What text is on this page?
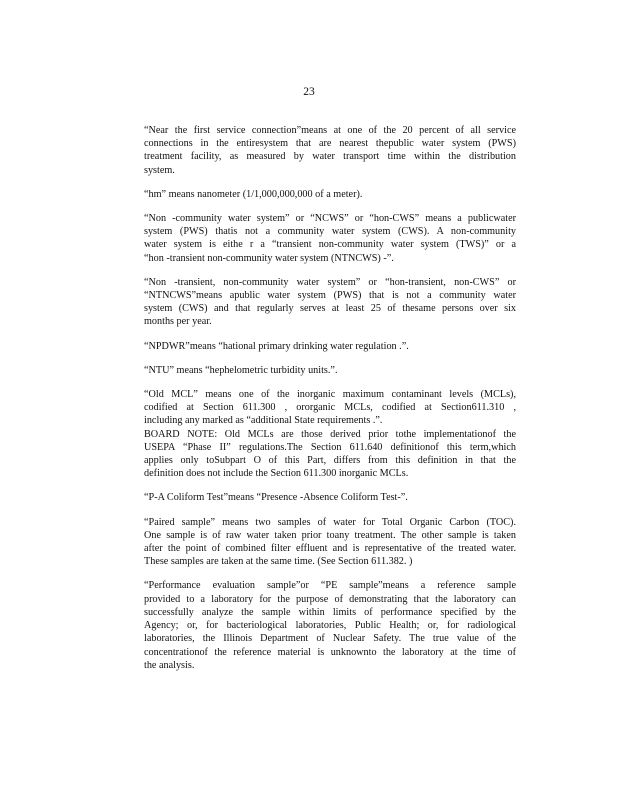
23

“Near the first service connection”means at one of the 20 percent of all service
connections in the entiresystem that are nearest thepublic water system (PWS)
treatment facility, as measured by water transport time within the distribution
system.

“hm” means nanometer (1/1,000,000,000 of a meter).

“Non -community water system” or “NCWS” or “hon-CWS” means a publicwater
system (PWS) thatis not a community water system (CWS). A non-community
water system is eithe r a “transient non-community water system (TWS)” or a
“hon -transient non-community water system (NTNCWS) -”.

“Non -transient, non-community water system” or “hon-transient, non-CWS” or
“NTNCWS”means apublic water system (PWS) that is not a community water
system (CWS) and that regularly serves at least 25 of thesame persons over six
months per year.

“NPDWR”means “hational primary drinking water regulation .”.

“NTU” means “hephelometric turbidity units.”.

“Old MCL” means one of the inorganic maximum contaminant levels (MCLs),
codified at Section 611.300 , ororganic MCLs, codified at Section611.310 ,
including any marked as “additional State requirements .”.
BOARD NOTE: Old MCLs are those derived prior tothe implementationof the
USEPA “Phase II” regulations.The Section 611.640 definitionof this term,which
applies only toSubpart O of this Part, differs from this definition in that the
definition does not include the Section 611.300 inorganic MCLs.

“P-A Coliform Test”means “Presence -Absence Coliform Test-”.

“Paired sample” means two samples of water for Total Organic Carbon (TOC).
One sample is of raw water taken prior toany treatment. The other sample is taken
after the point of combined filter effluent and is representative of the treated water.
These samples are taken at the same time. (See Section 611.382. )

“Performance evaluation sample”or “PE sample”means a reference sample
provided to a laboratory for the purpose of demonstrating that the laboratory can
successfully analyze the sample within limits of performance specified by the
Agency; or, for bacteriological laboratories, Public Health; or, for radiological
laboratories, the Illinois Department of Nuclear Safety. The true value of the
concentrationof the reference material is unknownto the laboratory at the time of
the analysis.
